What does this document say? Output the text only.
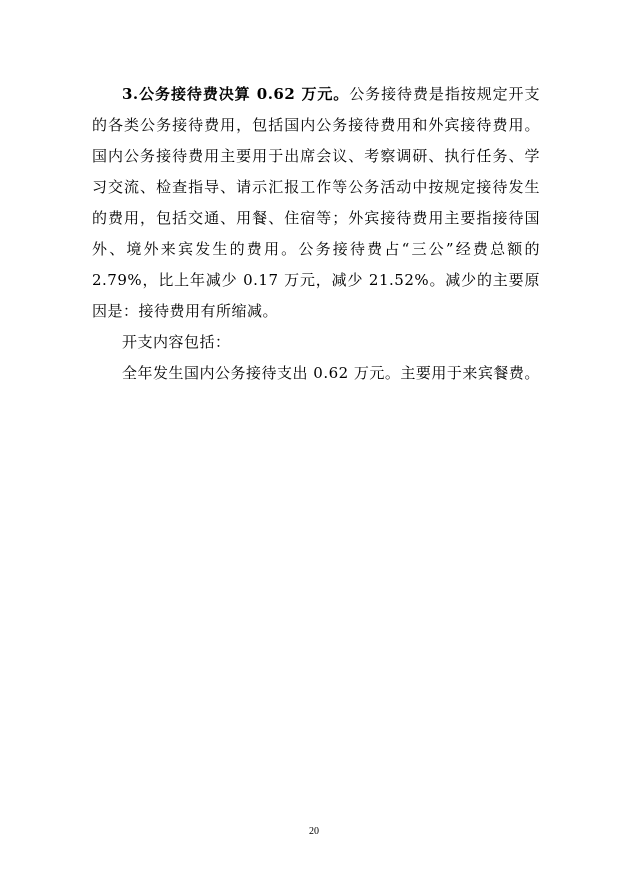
3.公务接待费决算 0.62 万元。公务接待费是指按规定开支的各类公务接待费用，包括国内公务接待费用和外宾接待费用。国内公务接待费用主要用于出席会议、考察调研、执行任务、学习交流、检查指导、请示汇报工作等公务活动中按规定接待发生的费用，包括交通、用餐、住宿等；外宾接待费用主要指接待国外、境外来宾发生的费用。公务接待费占“三公”经费总额的 2.79%，比上年减少 0.17 万元，减少 21.52%。减少的主要原因是：接待费用有所缩减。

开支内容包括：

全年发生国内公务接待支出 0.62 万元。主要用于来宾餐费。

20
